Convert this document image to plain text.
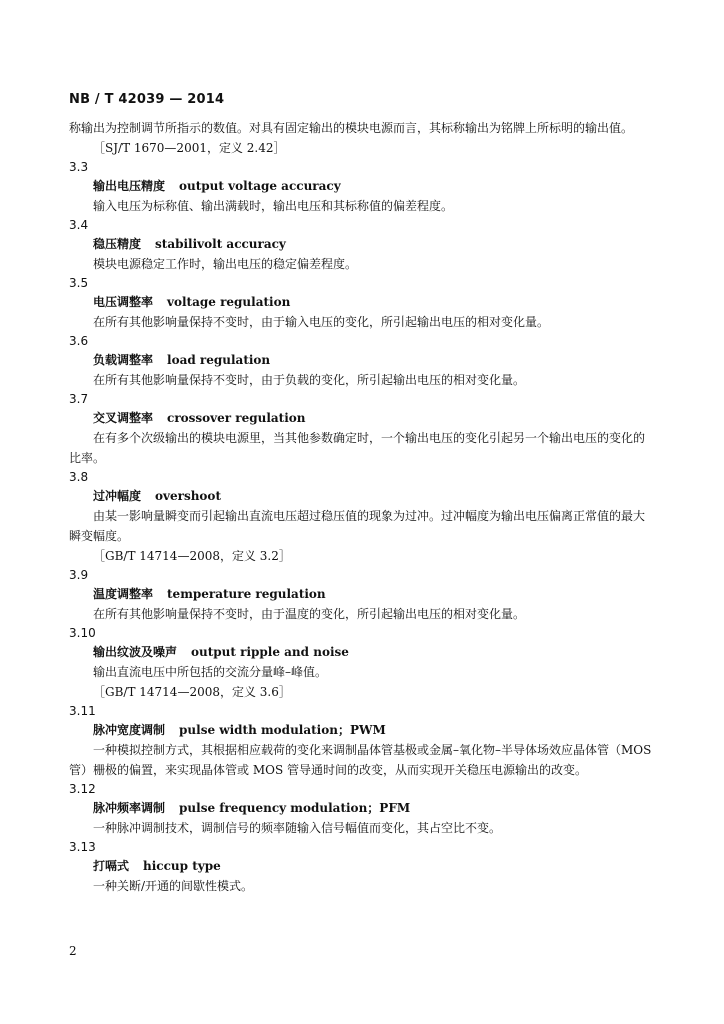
NB / T 42039 — 2014

称输出为控制调节所指示的数值。对具有固定输出的模块电源而言，其标称输出为铭牌上所标明的输出值。

［SJ/T 1670—2001，定义 2.42］

3.3

输出电压精度 output voltage accuracy

输入电压为标称值、输出满载时，输出电压和其标称值的偏差程度。

3.4

稳压精度 stabilivolt accuracy

模块电源稳定工作时，输出电压的稳定偏差程度。

3.5

电压调整率 voltage regulation

在所有其他影响量保持不变时，由于输入电压的变化，所引起输出电压的相对变化量。

3.6

负载调整率 load regulation

在所有其他影响量保持不变时，由于负载的变化，所引起输出电压的相对变化量。

3.7

交叉调整率 crossover regulation

在有多个次级输出的模块电源里，当其他参数确定时，一个输出电压的变化引起另一个输出电压的变化的比率。

3.8

过冲幅度 overshoot

由某一影响量瞬变而引起输出直流电压超过稳压值的现象为过冲。过冲幅度为输出电压偏离正常值的最大瞬变幅度。

［GB/T 14714—2008，定义 3.2］

3.9

温度调整率 temperature regulation

在所有其他影响量保持不变时，由于温度的变化，所引起输出电压的相对变化量。

3.10

输出纹波及噪声 output ripple and noise

输出直流电压中所包括的交流分量峰–峰值。

［GB/T 14714—2008，定义 3.6］

3.11

脉冲宽度调制 pulse width modulation；PWM

一种模拟控制方式，其根据相应载荷的变化来调制晶体管基极或金属–氧化物–半导体场效应晶体管（MOS 管）栅极的偏置，来实现晶体管或 MOS 管导通时间的改变，从而实现开关稳压电源输出的改变。

3.12

脉冲频率调制 pulse frequency modulation；PFM

一种脉冲调制技术，调制信号的频率随输入信号幅值而变化，其占空比不变。

3.13

打嗝式 hiccup type

一种关断/开通的间歇性模式。

2
